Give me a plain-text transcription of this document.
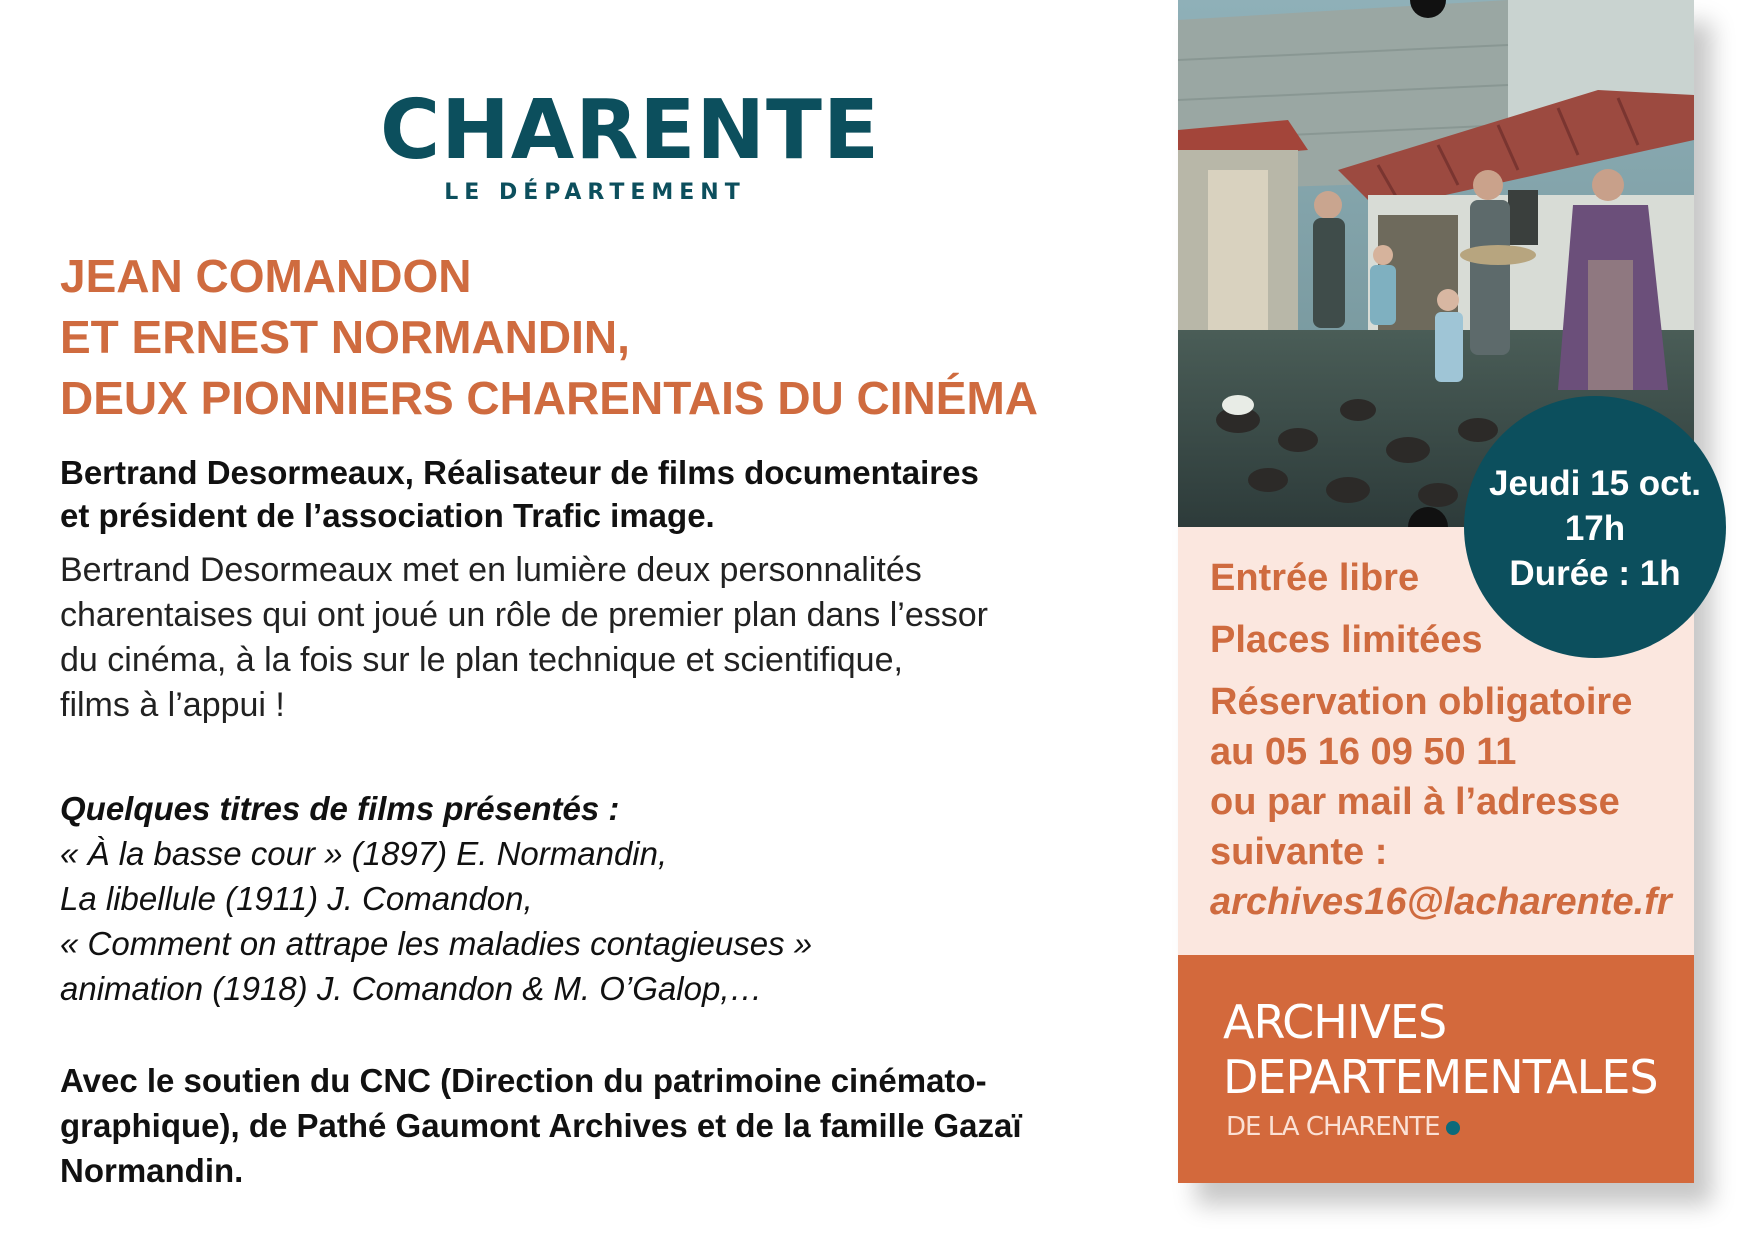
CHARENTE
LE DÉPARTEMENT
JEAN COMANDON
ET ERNEST NORMANDIN,
DEUX PIONNIERS CHARENTAIS DU CINÉMA
Bertrand Desormeaux, Réalisateur de films documentaires
et président de l’association Trafic image.
Bertrand Desormeaux met en lumière deux personnalités
charentaises qui ont joué un rôle de premier plan dans l’essor
du cinéma, à la fois sur le plan technique et scientifique,
films à l’appui !
Quelques titres de films présentés :
« À la basse cour » (1897) E. Normandin,
La libellule (1911) J. Comandon,
« Comment on attrape les maladies contagieuses »
animation (1918) J. Comandon & M. O’Galop,…
Avec le soutien du CNC (Direction du patrimoine cinémato-
graphique), de Pathé Gaumont Archives et de la famille Gazaï
Normandin.
Entrée libre
Places limitées
Réservation obligatoire
au 05 16 09 50 11
ou par mail à l’adresse
suivante :
archives16@lacharente.fr
ARCHIVES
DEPARTEMENTALES
DE LA CHARENTE
Jeudi 15 oct.
17h
Durée : 1h
